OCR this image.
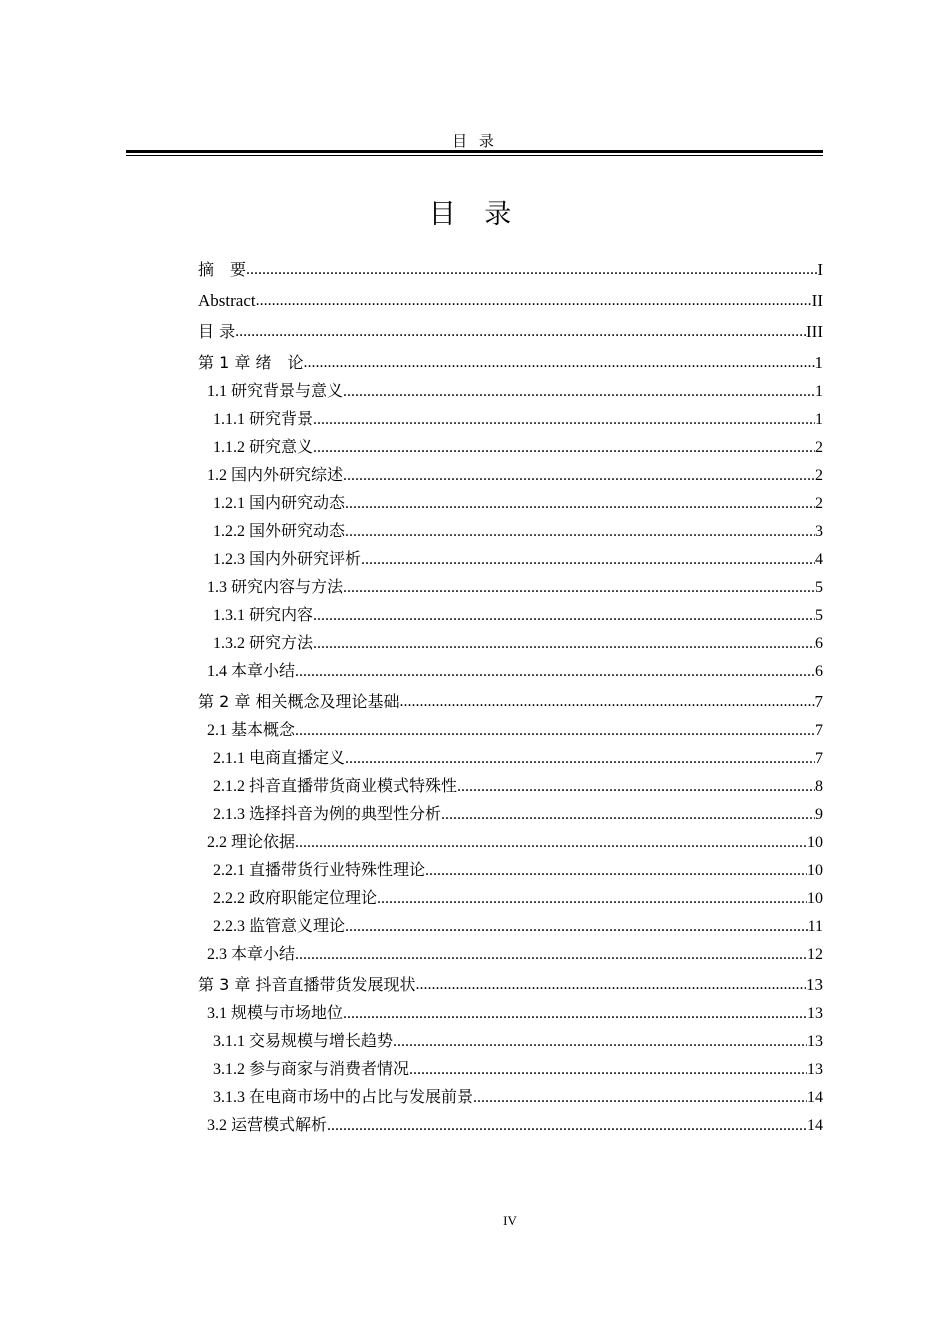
目 录
目 录
摘　要 .....	I
Abstract .....	II
目 录 .....	III
第 1 章 绪　论 .....	1
1.1 研究背景与意义 .....	1
1.1.1 研究背景 .....	1
1.1.2 研究意义 .....	2
1.2 国内外研究综述 .....	2
1.2.1 国内研究动态 .....	2
1.2.2 国外研究动态 .....	3
1.2.3 国内外研究评析 .....	4
1.3 研究内容与方法 .....	5
1.3.1 研究内容 .....	5
1.3.2 研究方法 .....	6
1.4 本章小结 .....	6
第 2 章 相关概念及理论基础 .....	7
2.1 基本概念 .....	7
2.1.1 电商直播定义 .....	7
2.1.2 抖音直播带货商业模式特殊性 .....	8
2.1.3 选择抖音为例的典型性分析 .....	9
2.2 理论依据 .....	10
2.2.1 直播带货行业特殊性理论 .....	10
2.2.2 政府职能定位理论 .....	10
2.2.3 监管意义理论 .....	11
2.3 本章小结 .....	12
第 3 章 抖音直播带货发展现状 .....	13
3.1 规模与市场地位 .....	13
3.1.1 交易规模与增长趋势 .....	13
3.1.2 参与商家与消费者情况 .....	13
3.1.3 在电商市场中的占比与发展前景 .....	14
3.2 运营模式解析 .....	14
IV
